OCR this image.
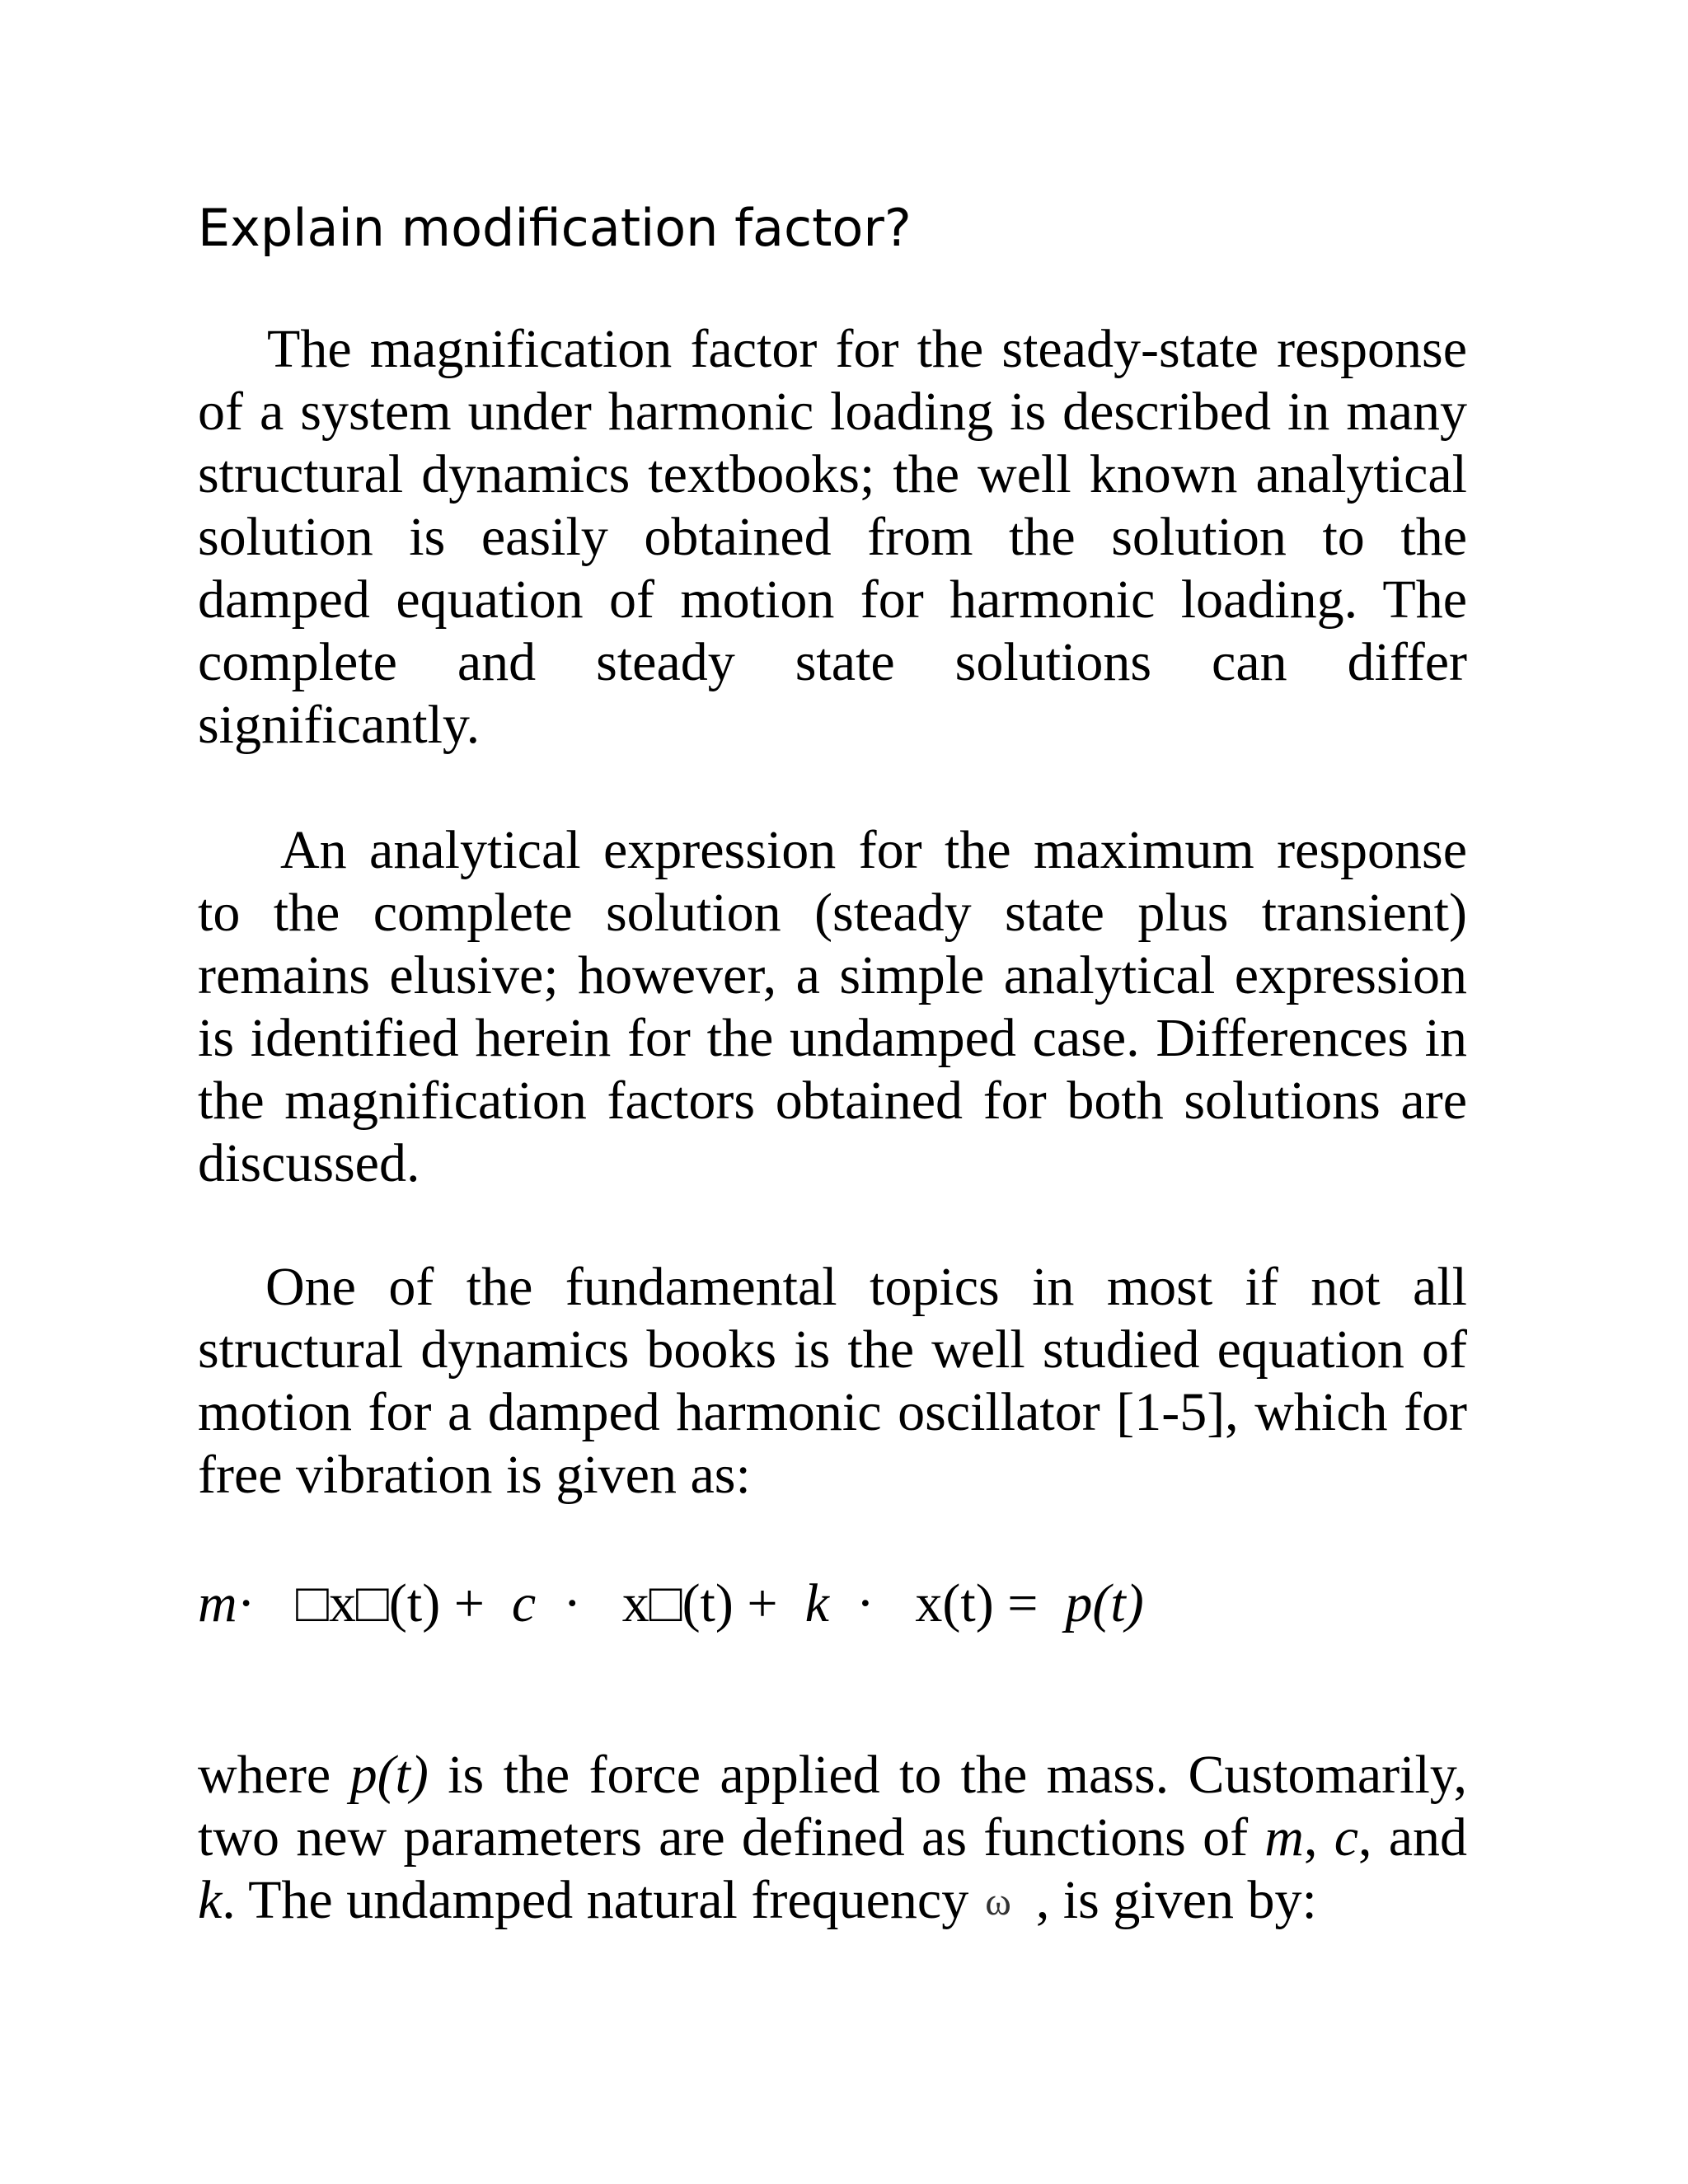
Explain modification factor?

The magnification factor for the steady-state response of a system under harmonic loading is described in many structural dynamics textbooks; the well known analytical solution is easily obtained from the solution to the damped equation of motion for harmonic loading. The complete and steady state solutions can differ significantly.

An analytical expression for the maximum response to the complete solution (steady state plus transient) remains elusive; however, a simple analytical expression is identified herein for the undamped case. Differences in the magnification factors obtained for both solutions are discussed.

One of the fundamental topics in most if not all structural dynamics books is the well studied equation of motion for a damped harmonic oscillator [1-5], which for free vibration is given as:

m· □x□(t) + c · x□(t) + k · x(t) = p(t)

where p(t) is the force applied to the mass. Customarily, two new parameters are defined as functions of m, c, and k. The undamped natural frequency ω , is given by:
